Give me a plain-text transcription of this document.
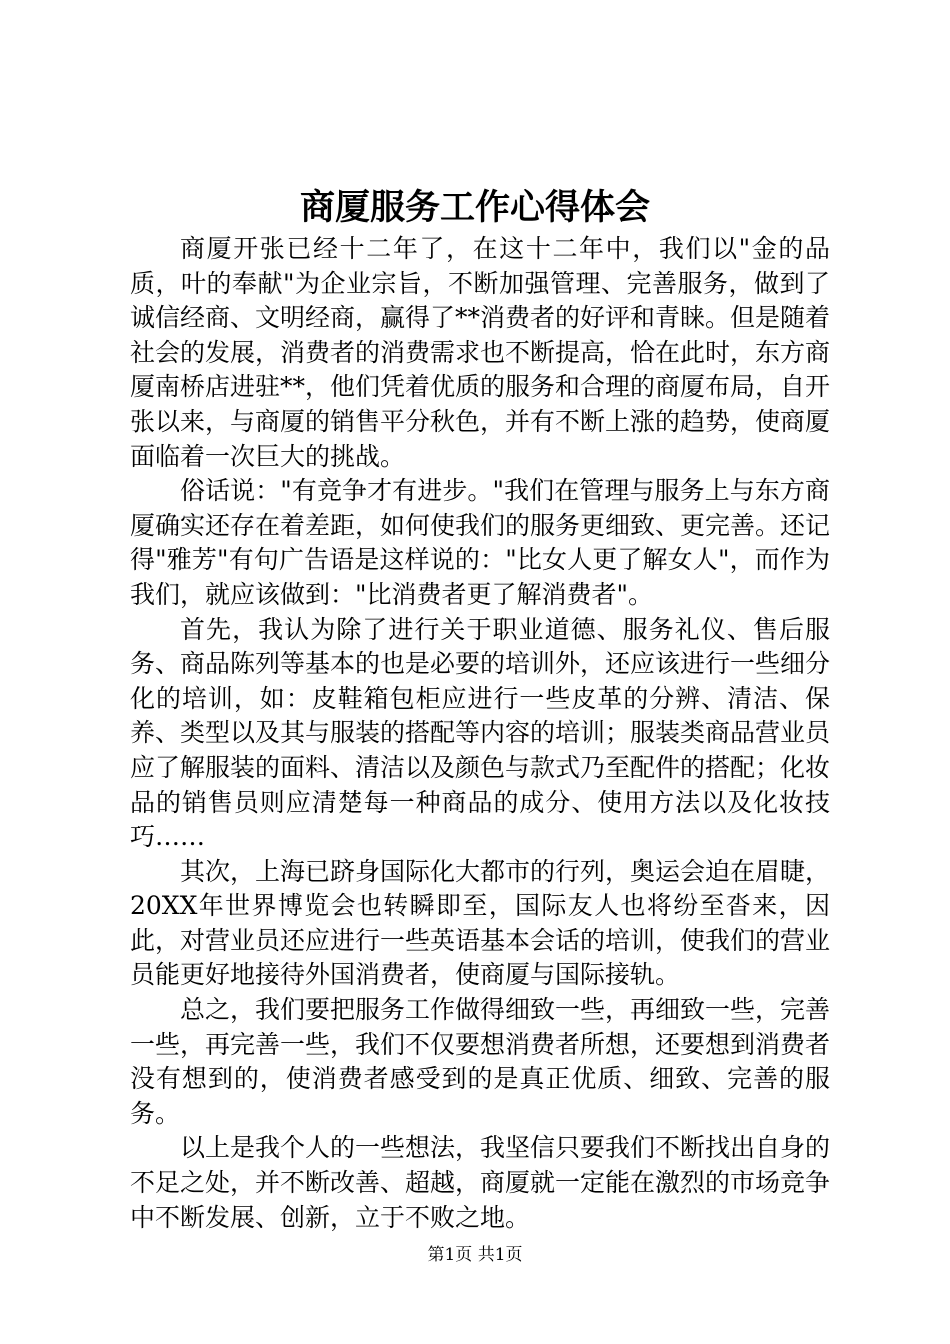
商厦服务工作心得体会

商厦开张已经十二年了，在这十二年中，我们以"金的品质，叶的奉献"为企业宗旨，不断加强管理、完善服务，做到了诚信经商、文明经商，赢得了**消费者的好评和青睐。但是随着社会的发展，消费者的消费需求也不断提高，恰在此时，东方商厦南桥店进驻**，他们凭着优质的服务和合理的商厦布局，自开张以来，与商厦的销售平分秋色，并有不断上涨的趋势，使商厦面临着一次巨大的挑战。

俗话说："有竞争才有进步。"我们在管理与服务上与东方商厦确实还存在着差距，如何使我们的服务更细致、更完善。还记得"雅芳"有句广告语是这样说的："比女人更了解女人"，而作为我们，就应该做到："比消费者更了解消费者"。

首先，我认为除了进行关于职业道德、服务礼仪、售后服务、商品陈列等基本的也是必要的培训外，还应该进行一些细分化的培训，如：皮鞋箱包柜应进行一些皮革的分辨、清洁、保养、类型以及其与服装的搭配等内容的培训；服装类商品营业员应了解服装的面料、清洁以及颜色与款式乃至配件的搭配；化妆品的销售员则应清楚每一种商品的成分、使用方法以及化妆技巧……

其次，上海已跻身国际化大都市的行列，奥运会迫在眉睫，20XX年世界博览会也转瞬即至，国际友人也将纷至沓来，因此，对营业员还应进行一些英语基本会话的培训，使我们的营业员能更好地接待外国消费者，使商厦与国际接轨。

总之，我们要把服务工作做得细致一些，再细致一些，完善一些，再完善一些，我们不仅要想消费者所想，还要想到消费者没有想到的，使消费者感受到的是真正优质、细致、完善的服务。

以上是我个人的一些想法，我坚信只要我们不断找出自身的不足之处，并不断改善、超越，商厦就一定能在激烈的市场竞争中不断发展、创新，立于不败之地。

第1页 共1页
